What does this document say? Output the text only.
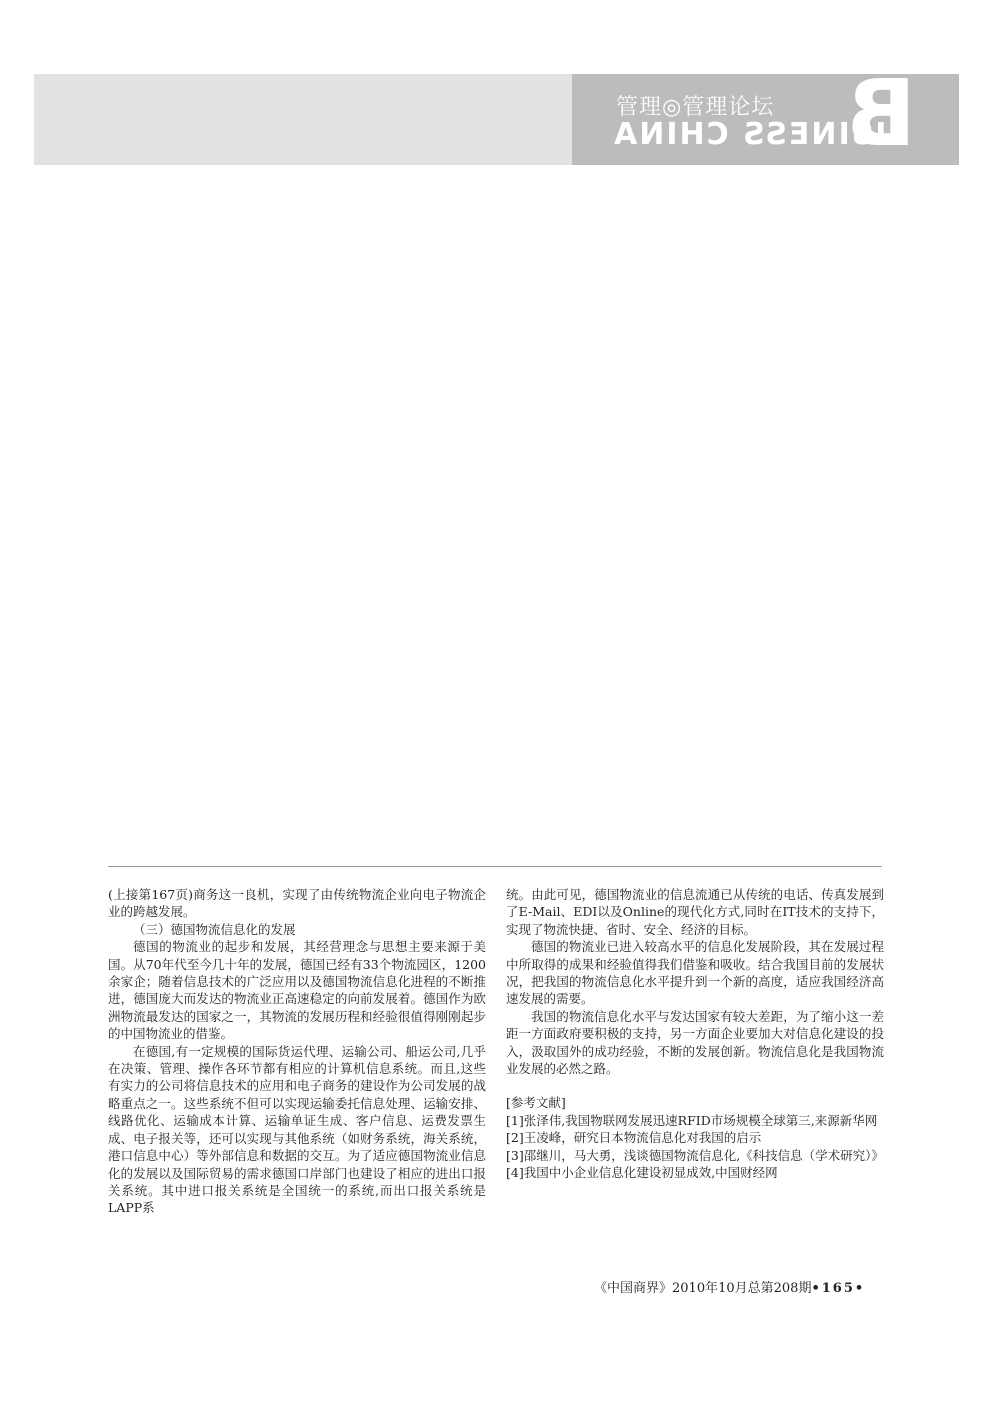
管理◎管理论坛
USINESS CHINA
B

(上接第167页)商务这一良机，实现了由传统物流企业向电子物流企业的跨越发展。

（三）德国物流信息化的发展

德国的物流业的起步和发展，其经营理念与思想主要来源于美国。从70年代至今几十年的发展，德国已经有33个物流园区，1200余家企；随着信息技术的广泛应用以及德国物流信息化进程的不断推进，德国庞大而发达的物流业正高速稳定的向前发展着。德国作为欧洲物流最发达的国家之一，其物流的发展历程和经验很值得刚刚起步的中国物流业的借鉴。

在德国,有一定规模的国际货运代理、运输公司、船运公司,几乎在决策、管理、操作各环节都有相应的计算机信息系统。而且,这些有实力的公司将信息技术的应用和电子商务的建设作为公司发展的战略重点之一。这些系统不但可以实现运输委托信息处理、运输安排、线路优化、运输成本计算、运输单证生成、客户信息、运费发票生成、电子报关等，还可以实现与其他系统（如财务系统，海关系统，港口信息中心）等外部信息和数据的交互。为了适应德国物流业信息化的发展以及国际贸易的需求德国口岸部门也建设了相应的进出口报关系统。其中进口报关系统是全国统一的系统,而出口报关系统是LAPP系

统。由此可见，德国物流业的信息流通已从传统的电话、传真发展到了E-Mail、EDI以及Online的现代化方式,同时在IT技术的支持下，实现了物流快捷、省时、安全、经济的目标。

德国的物流业已进入较高水平的信息化发展阶段，其在发展过程中所取得的成果和经验值得我们借鉴和吸收。结合我国目前的发展状况，把我国的物流信息化水平提升到一个新的高度，适应我国经济高速发展的需要。

我国的物流信息化水平与发达国家有较大差距，为了缩小这一差距一方面政府要积极的支持，另一方面企业要加大对信息化建设的投入，汲取国外的成功经验，不断的发展创新。物流信息化是我国物流业发展的必然之路。

[参考文献]

[1]张泽伟,我国物联网发展迅速RFID市场规模全球第三,来源新华网

[2]王凌峰，研究日本物流信息化对我国的启示

[3]邵继川，马大勇，浅谈德国物流信息化,《科技信息（学术研究）》

[4]我国中小企业信息化建设初显成效,中国财经网

《中国商界》2010年10月总第208期•165•
